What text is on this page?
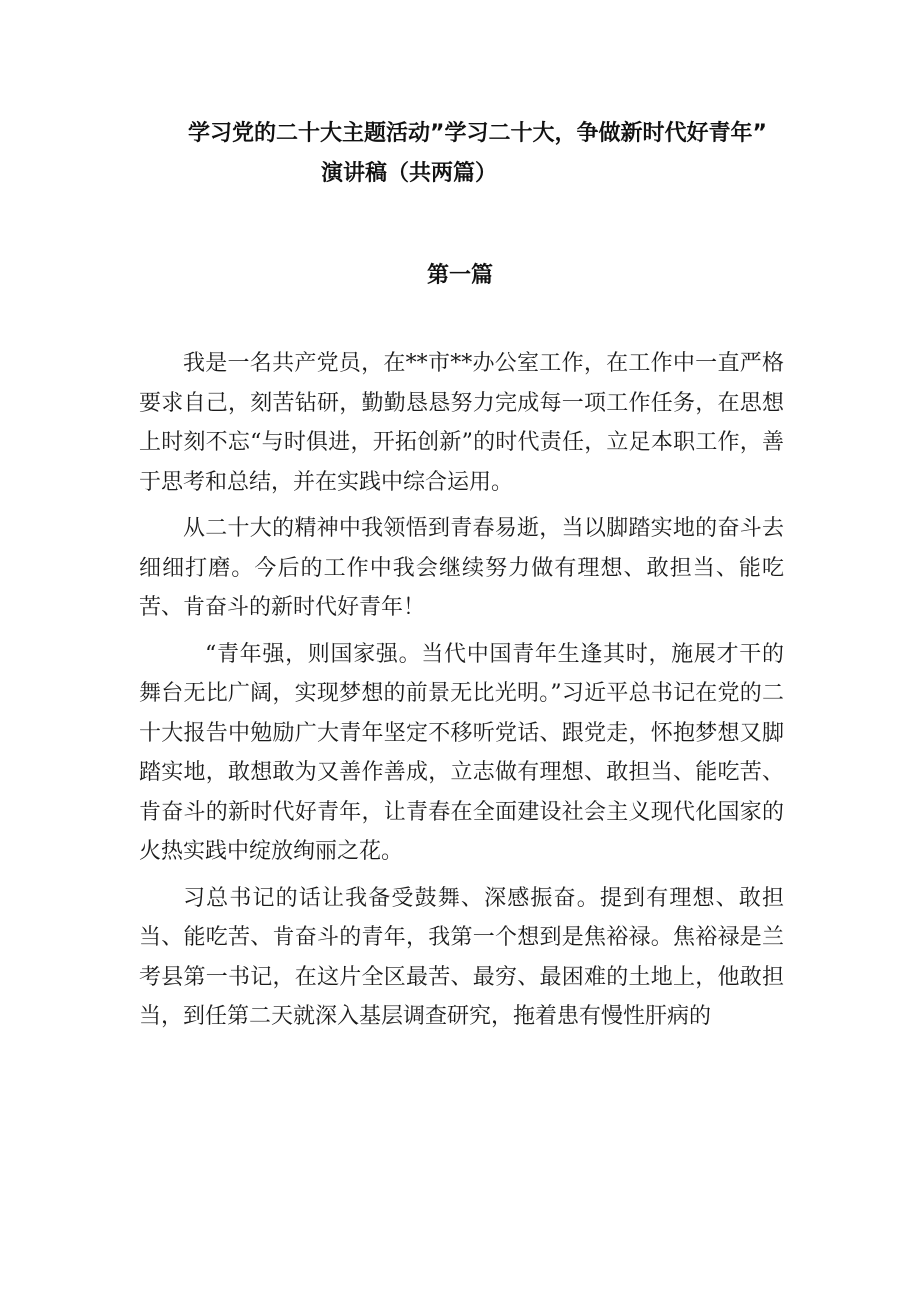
学习党的二十大主题活动”学习二十大，争做新时代好青年”
演讲稿（共两篇）
第一篇

我是一名共产党员，在**市**办公室工作，在工作中一直严格要求自己，刻苦钻研，勤勤恳恳努力完成每一项工作任务，在思想上时刻不忘“与时俱进，开拓创新”的时代责任，立足本职工作，善于思考和总结，并在实践中综合运用。

从二十大的精神中我领悟到青春易逝，当以脚踏实地的奋斗去细细打磨。今后的工作中我会继续努力做有理想、敢担当、能吃苦、肯奋斗的新时代好青年！

“青年强，则国家强。当代中国青年生逢其时，施展才干的舞台无比广阔，实现梦想的前景无比光明。”习近平总书记在党的二十大报告中勉励广大青年坚定不移听党话、跟党走，怀抱梦想又脚踏实地，敢想敢为又善作善成，立志做有理想、敢担当、能吃苦、肯奋斗的新时代好青年，让青春在全面建设社会主义现代化国家的火热实践中绽放绚丽之花。

习总书记的话让我备受鼓舞、深感振奋。提到有理想、敢担当、能吃苦、肯奋斗的青年，我第一个想到是焦裕禄。焦裕禄是兰考县第一书记，在这片全区最苦、最穷、最困难的土地上，他敢担当，到任第二天就深入基层调查研究，拖着患有慢性肝病的
